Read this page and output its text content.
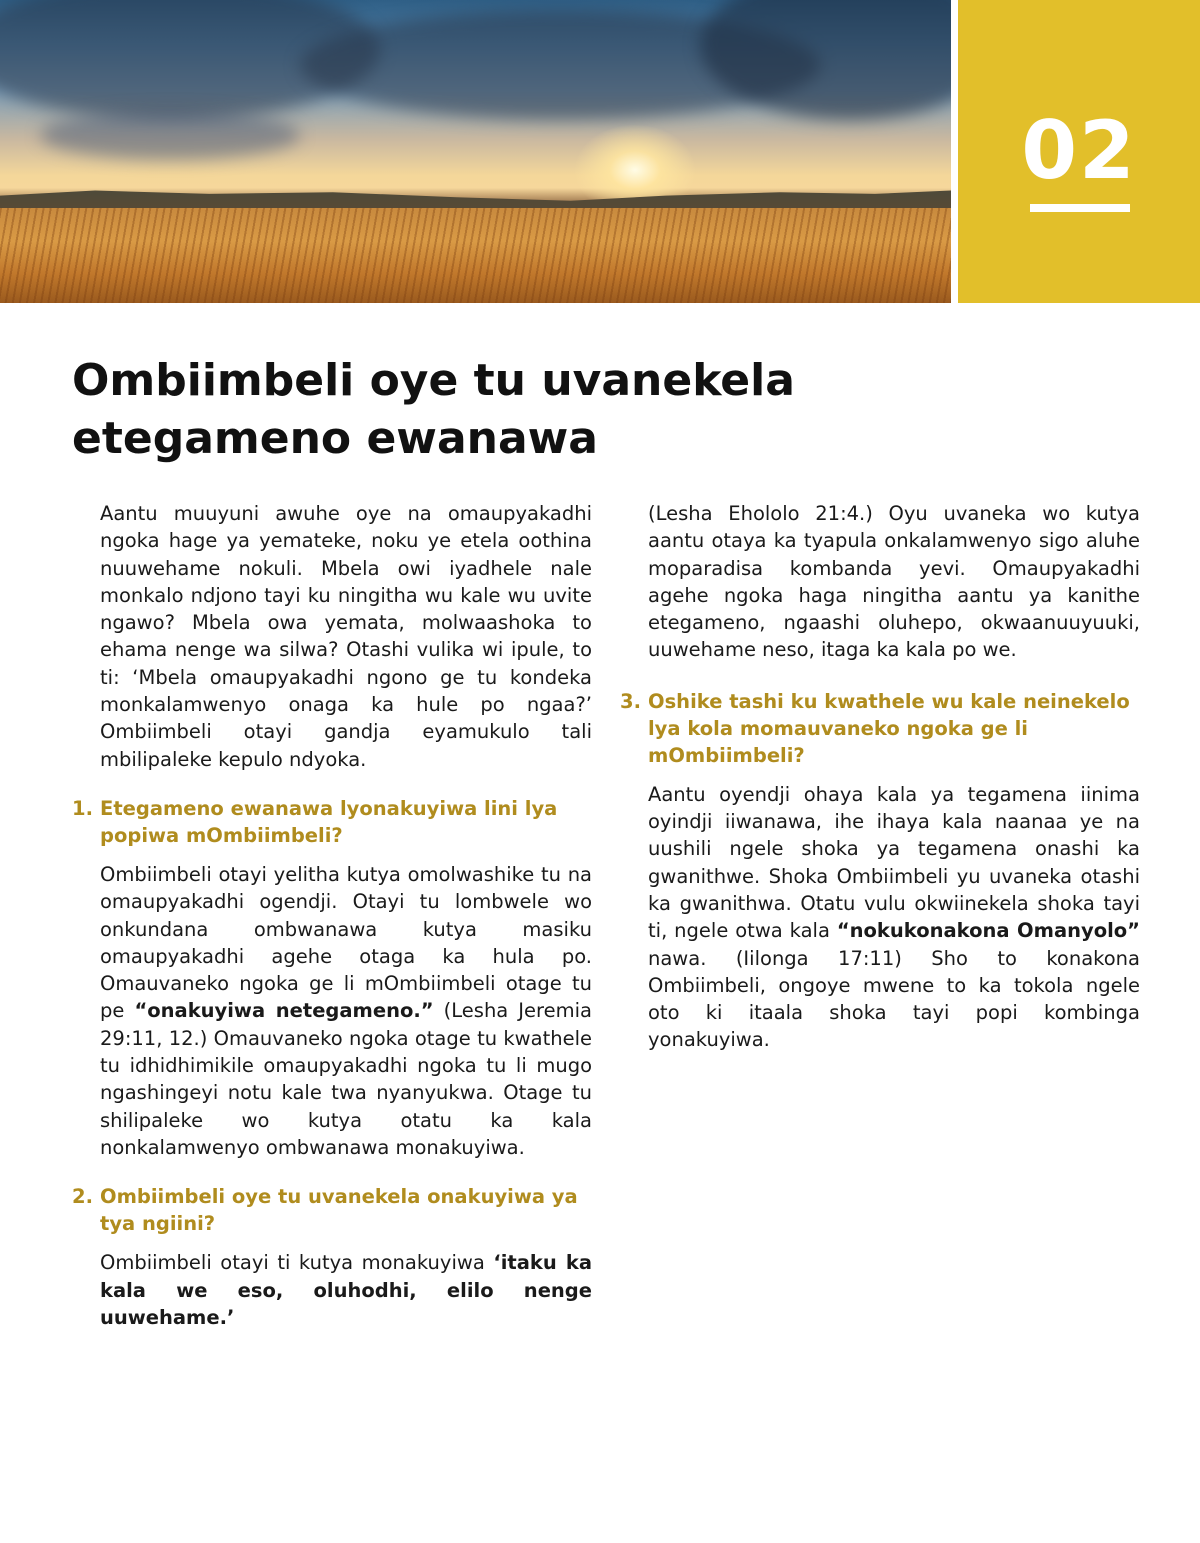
02
Ombiimbeli oye tu uvanekela
etegameno ewanawa

Aantu muuyuni awuhe oye na omaupyakadhi ngoka hage ya yemateke, noku ye etela oothina nuuwehame nokuli. Mbela owi iyadhele nale monkalo ndjono tayi ku ningitha wu kale wu uvite ngawo? Mbela owa yemata, molwaashoka to ehama nenge wa silwa? Otashi vulika wi ipule, to ti: ‘Mbela omaupyakadhi ngono ge tu kondeka monkalamwenyo onaga ka hule po ngaa?’ Ombiimbeli otayi gandja eyamukulo tali mbilipaleke kepulo ndyoka.

1. Etegameno ewanawa lyonakuyiwa lini lya popiwa mOmbiimbeli?

Ombiimbeli otayi yelitha kutya omolwashike tu na omaupyakadhi ogendji. Otayi tu lombwele wo onkundana ombwanawa kutya masiku omaupyakadhi agehe otaga ka hula po. Omauvaneko ngoka ge li mOmbiimbeli otage tu pe “onakuyiwa netegameno.” (Lesha Jeremia 29:11, 12.) Omauvaneko ngoka otage tu kwathele tu idhidhimikile omaupyakadhi ngoka tu li mugo ngashingeyi notu kale twa nyanyukwa. Otage tu shilipaleke wo kutya otatu ka kala nonkalamwenyo ombwanawa monakuyiwa.

2. Ombiimbeli oye tu uvanekela onakuyiwa ya tya ngiini?

Ombiimbeli otayi ti kutya monakuyiwa ‘itaku ka kala we eso, oluhodhi, elilo nenge uuwehame.’

(Lesha Eholol‌o 21:4.) Oyu uvaneka wo kutya aantu otaya ka tyapula onkalamwenyo sigo aluhe moparadisa kombanda yevi. Omaupyakadhi agehe ngoka haga ningitha aantu ya kanithe etegameno, ngaashi oluhepo, okwaanuuyuuki, uuwehame neso, itaga ka kala po we.

3. Oshike tashi ku kwathele wu kale neinekelo lya kola momauvaneko ngoka ge li mOmbiimbeli?

Aantu oyendji ohaya kala ya tegamena iinima oyindji iiwanawa, ihe ihaya kala naanaa ye na uushili ngele shoka ya tegamena onashi ka gwanithwe. Shoka Ombiimbeli yu uvaneka otashi ka gwanithwa. Otatu vulu okwiinekela shoka tayi ti, ngele otwa kala “nokukonakona Omanyolo” nawa. (Iilonga 17:11) Sho to konakona Ombiimbeli, ongoye mwene to ka tokola ngele oto ki itaala shoka tayi popi kombinga yonakuyiwa.
